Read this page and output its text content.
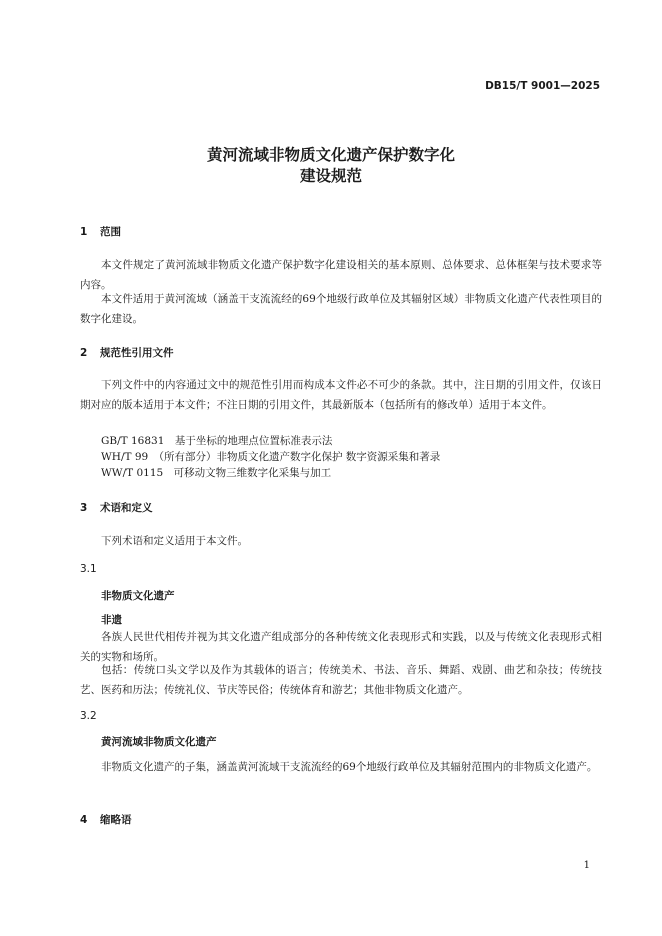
DB15/T 9001—2025
黄河流域非物质文化遗产保护数字化
建设规范
1 范围
本文件规定了黄河流域非物质文化遗产保护数字化建设相关的基本原则、总体要求、总体框架与技术要求等内容。
本文件适用于黄河流域（涵盖干支流流经的69个地级行政单位及其辐射区域）非物质文化遗产代表性项目的数字化建设。
2 规范性引用文件
下列文件中的内容通过文中的规范性引用而构成本文件必不可少的条款。其中，注日期的引用文件，仅该日期对应的版本适用于本文件；不注日期的引用文件，其最新版本（包括所有的修改单）适用于本文件。
GB/T 16831　基于坐标的地理点位置标准表示法
WH/T 99　（所有部分）非物质文化遗产数字化保护 数字资源采集和著录
WW/T 0115　可移动文物三维数字化采集与加工
3 术语和定义
下列术语和定义适用于本文件。
3.1
非物质文化遗产
非遗
各族人民世代相传并视为其文化遗产组成部分的各种传统文化表现形式和实践，以及与传统文化表现形式相关的实物和场所。
包括：传统口头文学以及作为其载体的语言；传统美术、书法、音乐、舞蹈、戏剧、曲艺和杂技；传统技艺、医药和历法；传统礼仪、节庆等民俗；传统体育和游艺；其他非物质文化遗产。
3.2
黄河流域非物质文化遗产
非物质文化遗产的子集，涵盖黄河流域干支流流经的69个地级行政单位及其辐射范围内的非物质文化遗产。
4 缩略语
1
